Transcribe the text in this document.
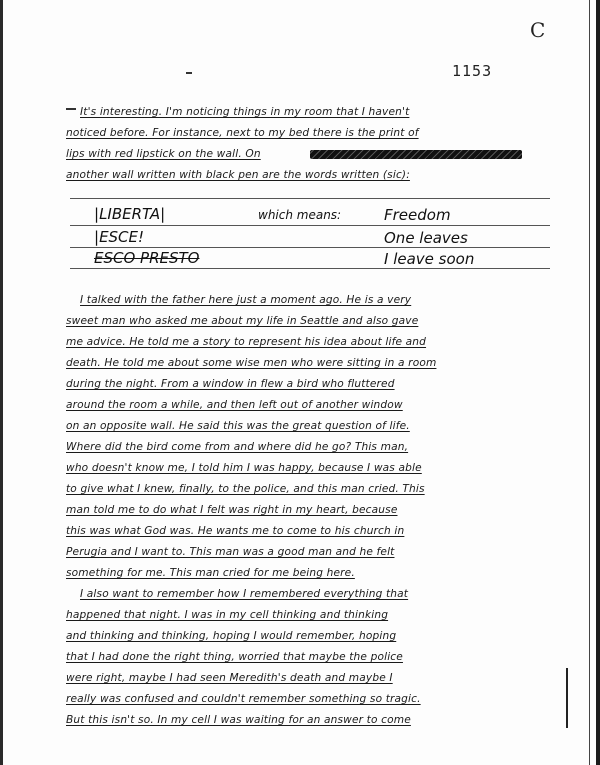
C
1153
It's interesting. I'm noticing things in my room that I haven't
noticed before. For instance, next to my bed there is the print of
lips with red lipstick on the wall. On
another wall written with black pen are the words written (sic):
|LIBERTA|	which means:	Freedom
|ESCE!	One leaves
ESCO PRESTO	I leave soon
I talked with the father here just a moment ago. He is a very
sweet man who asked me about my life in Seattle and also gave
me advice. He told me a story to represent his idea about life and
death. He told me about some wise men who were sitting in a room
during the night. From a window in flew a bird who fluttered
around the room a while, and then left out of another window
on an opposite wall. He said this was the great question of life.
Where did the bird come from and where did he go? This man,
who doesn't know me, I told him I was happy, because I was able
to give what I knew, finally, to the police, and this man cried. This
man told me to do what I felt was right in my heart, because
this was what God was. He wants me to come to his church in
Perugia and I want to. This man was a good man and he felt
something for me. This man cried for me being here.
I also want to remember how I remembered everything that
happened that night. I was in my cell thinking and thinking
and thinking and thinking, hoping I would remember, hoping
that I had done the right thing, worried that maybe the police
were right, maybe I had seen Meredith's death and maybe I
really was confused and couldn't remember something so tragic.
But this isn't so. In my cell I was waiting for an answer to come
